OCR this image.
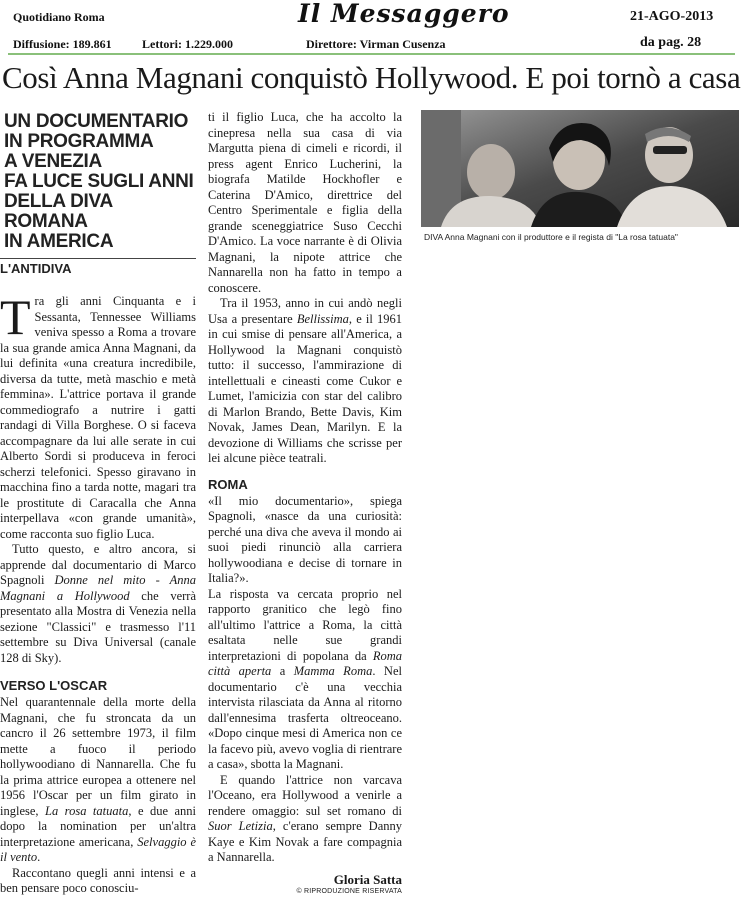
Quotidiano Roma	Il Messaggero	21-AGO-2013
Diffusione: 189.861	Lettori: 1.229.000	Direttore: Virman Cusenza	da pag. 28
Così Anna Magnani conquistò Hollywood. E poi tornò a casa
UN DOCUMENTARIO
IN PROGRAMMA
A VENEZIA
FA LUCE SUGLI ANNI
DELLA DIVA ROMANA
IN AMERICA
L'ANTIDIVA

Tra gli anni Cinquanta e i Sessanta, Tennessee Williams veniva spesso a Roma a trovare la sua grande amica Anna Magnani, da lui definita «una creatura incredibile, diversa da tutte, metà maschio e metà femmina». L'attrice portava il grande commediografo a nutrire i gatti randagi di Villa Borghese. O si faceva accompagnare da lui alle serate in cui Alberto Sordi si produceva in feroci scherzi telefonici. Spesso giravano in macchina fino a tarda notte, magari tra le prostitute di Caracalla che Anna interpellava «con grande umanità», come racconta suo figlio Luca.

Tutto questo, e altro ancora, si apprende dal documentario di Marco Spagnoli Donne nel mito - Anna Magnani a Hollywood che verrà presentato alla Mostra di Venezia nella sezione "Classici" e trasmesso l'11 settembre su Diva Universal (canale 128 di Sky).

VERSO L'OSCAR

Nel quarantennale della morte della Magnani, che fu stroncata da un cancro il 26 settembre 1973, il film mette a fuoco il periodo hollywoodiano di Nannarella. Che fu la prima attrice europea a ottenere nel 1956 l'Oscar per un film girato in inglese, La rosa tatuata, e due anni dopo la nomination per un'altra interpretazione americana, Selvaggio è il vento.

Raccontano quegli anni intensi e a ben pensare poco conosciu-

ti il figlio Luca, che ha accolto la cinepresa nella sua casa di via Margutta piena di cimeli e ricordi, il press agent Enrico Lucherini, la biografa Matilde Hockhofler e Caterina D'Amico, direttrice del Centro Sperimentale e figlia della grande sceneggiatrice Suso Cecchi D'Amico. La voce narrante è di Olivia Magnani, la nipote attrice che Nannarella non ha fatto in tempo a conoscere.

Tra il 1953, anno in cui andò negli Usa a presentare Bellissima, e il 1961 in cui smise di pensare all'America, a Hollywood la Magnani conquistò tutto: il successo, l'ammirazione di intellettuali e cineasti come Cukor e Lumet, l'amicizia con star del calibro di Marlon Brando, Bette Davis, Kim Novak, James Dean, Marilyn. E la devozione di Williams che scrisse per lei alcune pièce teatrali.

ROMA

«Il mio documentario», spiega Spagnoli, «nasce da una curiosità: perché una diva che aveva il mondo ai suoi piedi rinunciò alla carriera hollywoodiana e decise di tornare in Italia?».

La risposta va cercata proprio nel rapporto granitico che legò fino all'ultimo l'attrice a Roma, la città esaltata nelle sue grandi interpretazioni di popolana da Roma città aperta a Mamma Roma. Nel documentario c'è una vecchia intervista rilasciata da Anna al ritorno dall'ennesima trasferta oltreoceano. «Dopo cinque mesi di America non ce la facevo più, avevo voglia di rientrare a casa», sbotta la Magnani.

E quando l'attrice non varcava l'Oceano, era Hollywood a venirle a rendere omaggio: sul set romano di Suor Letizia, c'erano sempre Danny Kaye e Kim Novak a fare compagnia a Nannarella.

Gloria Satta
© RIPRODUZIONE RISERVATA
DIVA Anna Magnani con il produttore e il regista di "La rosa tatuata"
